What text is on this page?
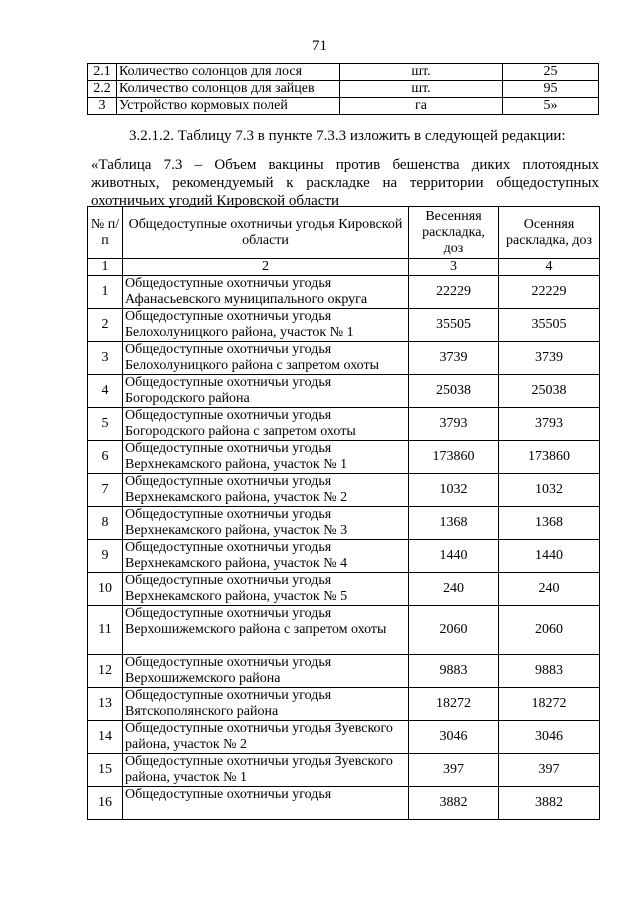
71
2.1	Количество солонцов для лося	шт.	25
2.2	Количество солонцов для зайцев	шт.	95
3	Устройство кормовых полей	га	5»

3.2.1.2. Таблицу 7.3 в пункте 7.3.3 изложить в следующей редакции:

«Таблица 7.3 – Объем вакцины против бешенства диких плотоядных животных, рекомендуемый к раскладке на территории общедоступных охотничьих угодий Кировской области

№ п/п	Общедоступные охотничьи угодья Кировской области	Весенняя раскладка, доз	Осенняя раскладка, доз
1	2	3	4
1	Общедоступные охотничьи угодья Афанасьевского муниципального округа	22229	22229
2	Общедоступные охотничьи угодья Белохолуницкого района, участок № 1	35505	35505
3	Общедоступные охотничьи угодья Белохолуницкого района с запретом охоты	3739	3739
4	Общедоступные охотничьи угодья Богородского района	25038	25038
5	Общедоступные охотничьи угодья Богородского района с запретом охоты	3793	3793
6	Общедоступные охотничьи угодья Верхнекамского района, участок № 1	173860	173860
7	Общедоступные охотничьи угодья Верхнекамского района, участок № 2	1032	1032
8	Общедоступные охотничьи угодья Верхнекамского района, участок № 3	1368	1368
9	Общедоступные охотничьи угодья Верхнекамского района, участок № 4	1440	1440
10	Общедоступные охотничьи угодья Верхнекамского района, участок № 5	240	240
11	Общедоступные охотничьи угодья Верхошижемского района с запретом охоты	2060	2060
12	Общедоступные охотничьи угодья Верхошижемского района	9883	9883
13	Общедоступные охотничьи угодья Вятскополянского района	18272	18272
14	Общедоступные охотничьи угодья Зуевского района, участок № 2	3046	3046
15	Общедоступные охотничьи угодья Зуевского района, участок № 1	397	397
16	Общедоступные охотничьи угодья	3882	3882
